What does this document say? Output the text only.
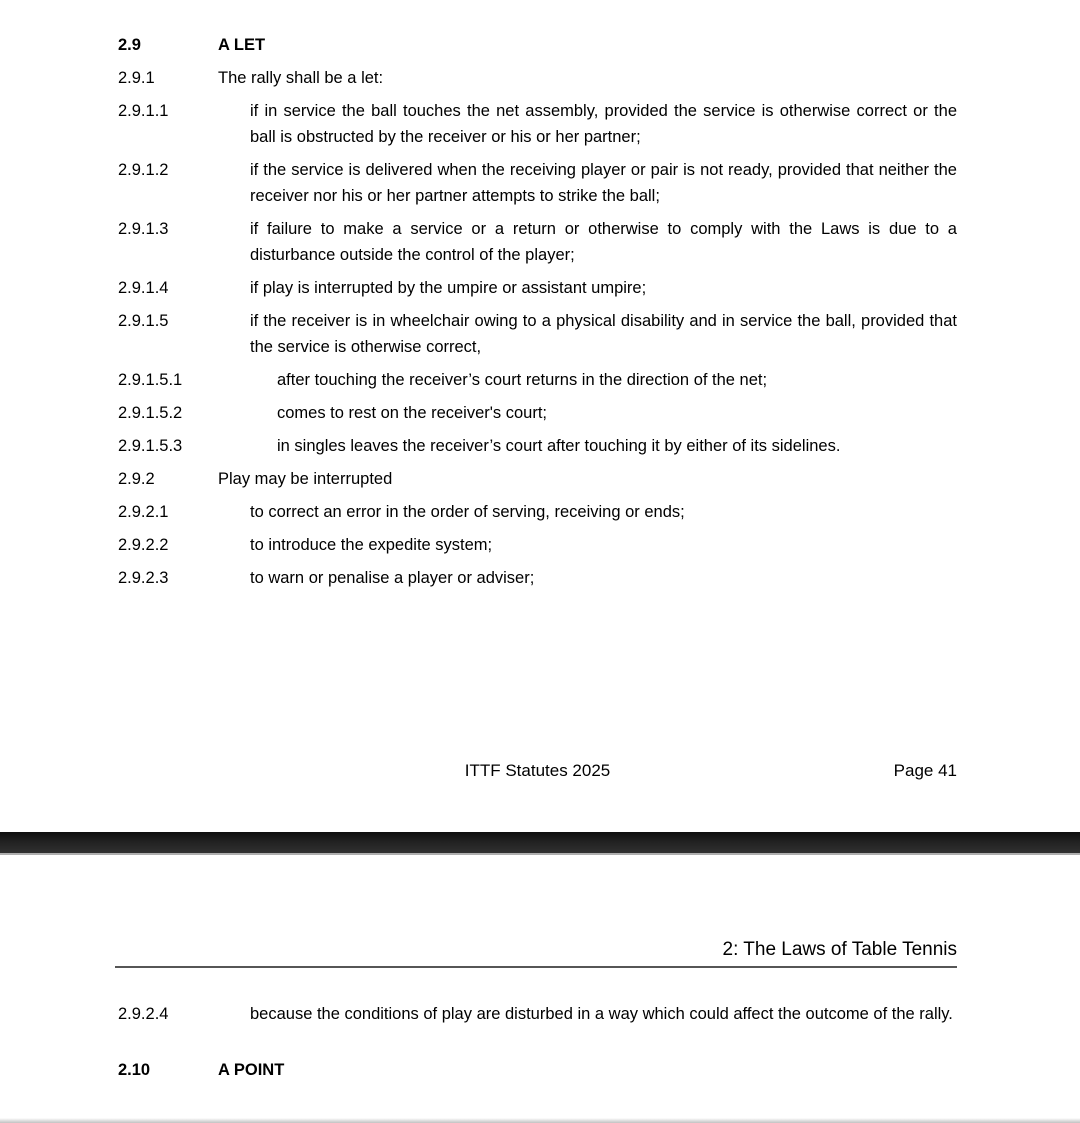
2.9	A LET
2.9.1	The rally shall be a let:
2.9.1.1	if in service the ball touches the net assembly, provided the service is otherwise correct or the ball is obstructed by the receiver or his or her partner;
2.9.1.2	if the service is delivered when the receiving player or pair is not ready, provided that neither the receiver nor his or her partner attempts to strike the ball;
2.9.1.3	if failure to make a service or a return or otherwise to comply with the Laws is due to a disturbance outside the control of the player;
2.9.1.4	if play is interrupted by the umpire or assistant umpire;
2.9.1.5	if the receiver is in wheelchair owing to a physical disability and in service the ball, provided that the service is otherwise correct,
2.9.1.5.1	after touching the receiver’s court returns in the direction of the net;
2.9.1.5.2	comes to rest on the receiver's court;
2.9.1.5.3	in singles leaves the receiver’s court after touching it by either of its sidelines.
2.9.2	Play may be interrupted
2.9.2.1	to correct an error in the order of serving, receiving or ends;
2.9.2.2	to introduce the expedite system;
2.9.2.3	to warn or penalise a player or adviser;
ITTF Statutes 2025	Page 41
2: The Laws of Table Tennis
2.9.2.4	because the conditions of play are disturbed in a way which could affect the outcome of the rally.
2.10	A POINT
